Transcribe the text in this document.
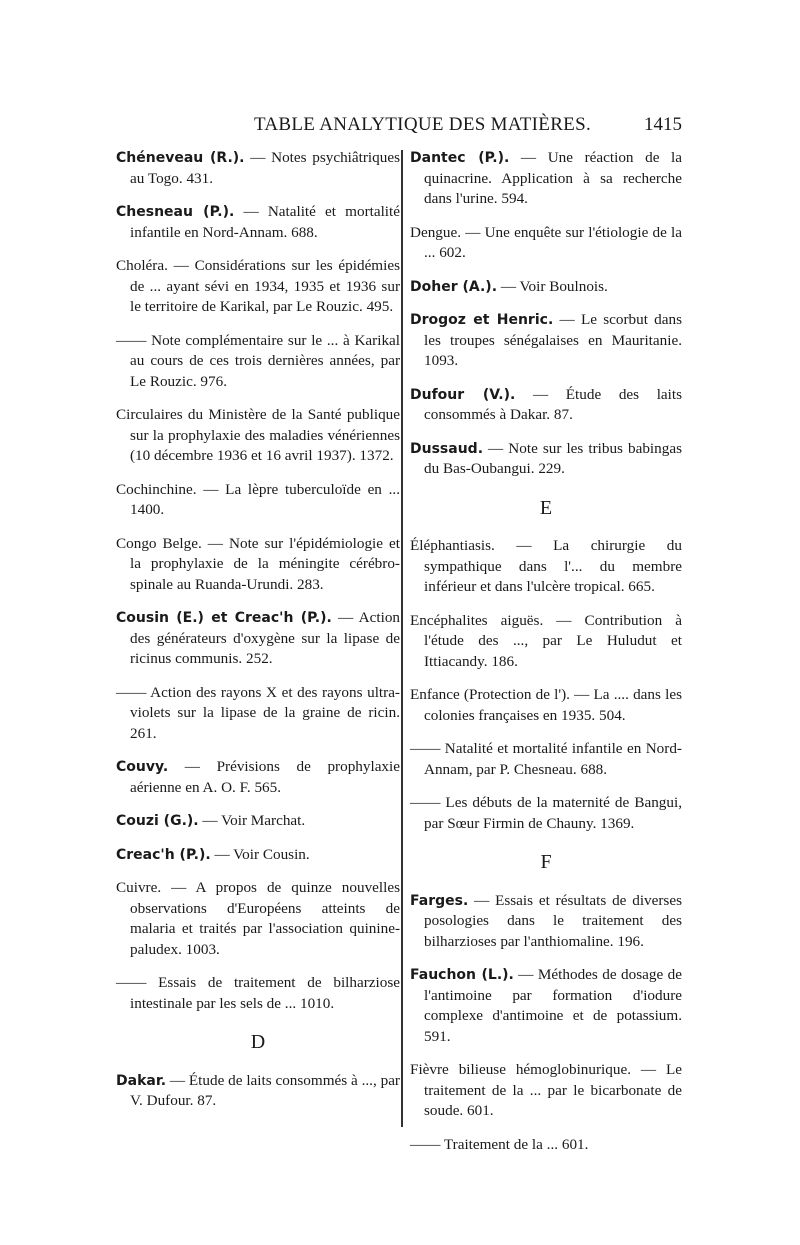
TABLE ANALYTIQUE DES MATIÈRES.	1415
Chéneveau (R.). — Notes psychiâtriques au Togo. 431.
Chesneau (P.). — Natalité et mortalité infantile en Nord-Annam. 688.
Choléra. — Considérations sur les épidémies de ... ayant sévi en 1934, 1935 et 1936 sur le territoire de Karikal, par Le Rouzic. 495.
—— Note complémentaire sur le ... à Karikal au cours de ces trois dernières années, par Le Rouzic. 976.
Circulaires du Ministère de la Santé publique sur la prophylaxie des maladies vénériennes (10 décembre 1936 et 16 avril 1937). 1372.
Cochinchine. — La lèpre tuberculoïde en ... 1400.
Congo Belge. — Note sur l'épidémiologie et la prophylaxie de la méningite cérébro-spinale au Ruanda-Urundi. 283.
Cousin (E.) et Creac'h (P.). — Action des générateurs d'oxygène sur la lipase de ricinus communis. 252.
—— Action des rayons X et des rayons ultra-violets sur la lipase de la graine de ricin. 261.
Couvy. — Prévisions de prophylaxie aérienne en A. O. F. 565.
Couzi (G.). — Voir Marchat.
Creac'h (P.). — Voir Cousin.
Cuivre. — A propos de quinze nouvelles observations d'Européens atteints de malaria et traités par l'association quinine-paludex. 1003.
—— Essais de traitement de bilharziose intestinale par les sels de ... 1010.
D
Dakar. — Étude de laits consommés à ..., par V. Dufour. 87.
Dantec (P.). — Une réaction de la quinacrine. Application à sa recherche dans l'urine. 594.
Dengue. — Une enquête sur l'étiologie de la ... 602.
Doher (A.). — Voir Boulnois.
Drogoz et Henric. — Le scorbut dans les troupes sénégalaises en Mauritanie. 1093.
Dufour (V.). — Étude des laits consommés à Dakar. 87.
Dussaud. — Note sur les tribus babingas du Bas-Oubangui. 229.
E
Éléphantiasis. — La chirurgie du sympathique dans l'... du membre inférieur et dans l'ulcère tropical. 665.
Encéphalites aiguës. — Contribution à l'étude des ..., par Le Huludut et Ittiacandy. 186.
Enfance (Protection de l'). — La .... dans les colonies françaises en 1935. 504.
—— Natalité et mortalité infantile en Nord-Annam, par P. Chesneau. 688.
—— Les débuts de la maternité de Bangui, par Sœur Firmin de Chauny. 1369.
F
Farges. — Essais et résultats de diverses posologies dans le traitement des bilharzioses par l'anthiomaline. 196.
Fauchon (L.). — Méthodes de dosage de l'antimoine par formation d'iodure complexe d'antimoine et de potassium. 591.
Fièvre bilieuse hémoglobinurique. — Le traitement de la ... par le bicarbonate de soude. 601.
—— Traitement de la ... 601.
